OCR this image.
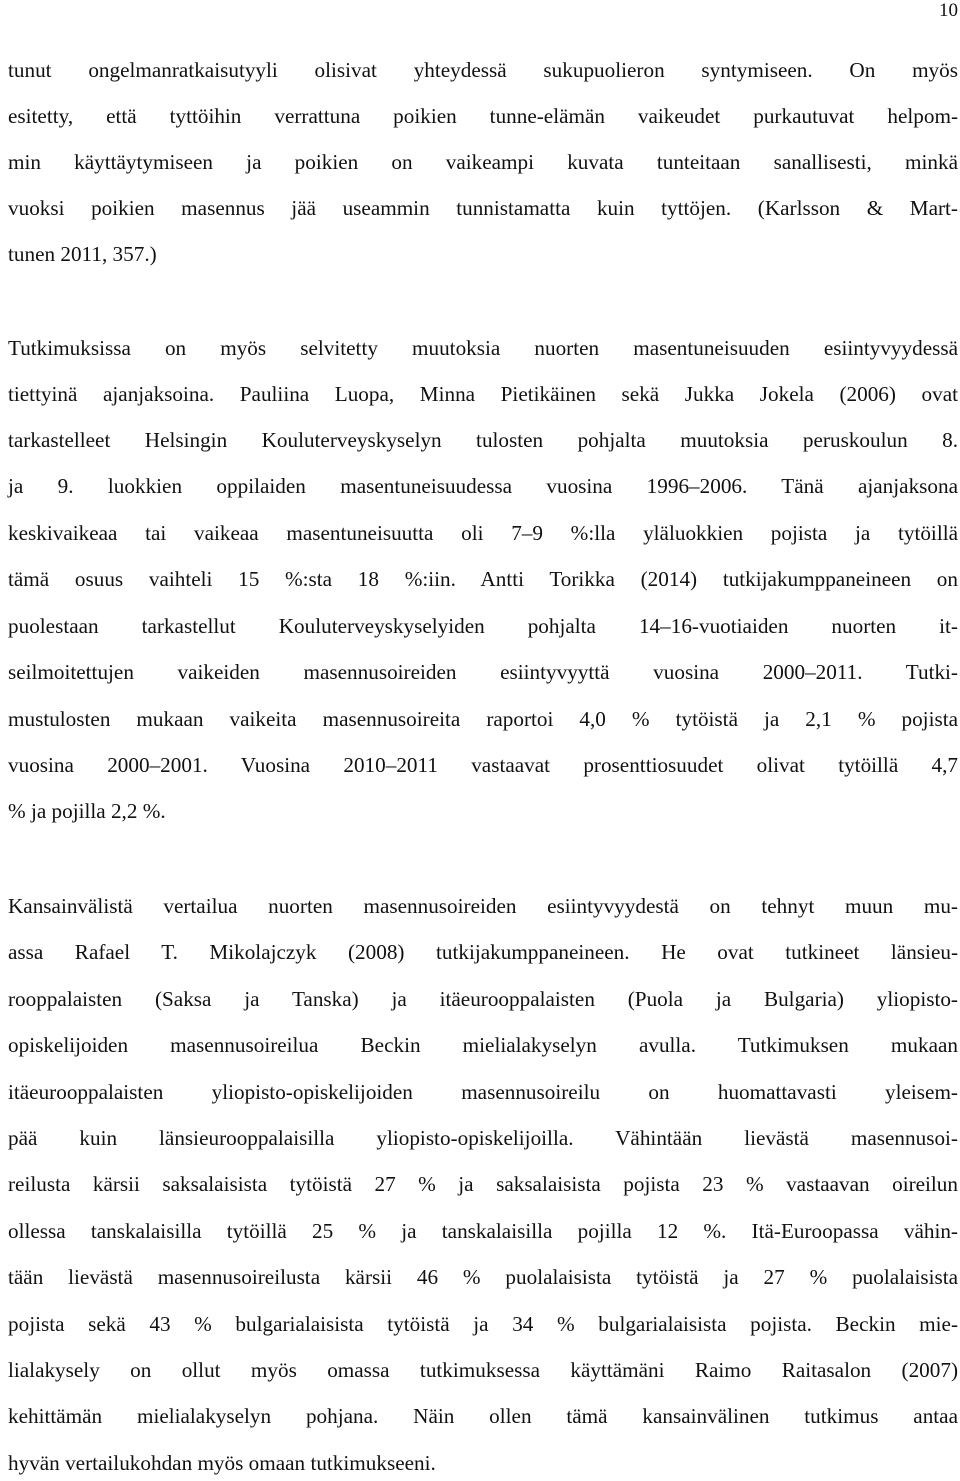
10
tunut ongelmanratkaisutyyli olisivat yhteydessä sukupuolieron syntymiseen. On myös
esitetty, että tyttöihin verrattuna poikien tunne-elämän vaikeudet purkautuvat helpom-
min käyttäytymiseen ja poikien on vaikeampi kuvata tunteitaan sanallisesti, minkä
vuoksi poikien masennus jää useammin tunnistamatta kuin tyttöjen. (Karlsson & Mart-
tunen 2011, 357.)
Tutkimuksissa on myös selvitetty muutoksia nuorten masentuneisuuden esiintyvyydessä
tiettyinä ajanjaksoina. Pauliina Luopa, Minna Pietikäinen sekä Jukka Jokela (2006) ovat
tarkastelleet Helsingin Kouluterveyskyselyn tulosten pohjalta muutoksia peruskoulun 8.
ja 9. luokkien oppilaiden masentuneisuudessa vuosina 1996–2006. Tänä ajanjaksona
keskivaikeaa tai vaikeaa masentuneisuutta oli 7–9 %:lla yläluokkien pojista ja tytöillä
tämä osuus vaihteli 15 %:sta 18 %:iin. Antti Torikka (2014) tutkijakumppaneineen on
puolestaan tarkastellut Kouluterveyskyselyiden pohjalta 14–16-vuotiaiden nuorten it-
seilmoitettujen vaikeiden masennusoireiden esiintyvyyttä vuosina 2000–2011. Tutki-
mustulosten mukaan vaikeita masennusoireita raportoi 4,0 % tytöistä ja 2,1 % pojista
vuosina 2000–2001. Vuosina 2010–2011 vastaavat prosenttiosuudet olivat tytöillä 4,7
% ja pojilla 2,2 %.
Kansainvälistä vertailua nuorten masennusoireiden esiintyvyydestä on tehnyt muun mu-
assa Rafael T. Mikolajczyk (2008) tutkijakumppaneineen. He ovat tutkineet länsieu-
rooppalaisten (Saksa ja Tanska) ja itäeurooppalaisten (Puola ja Bulgaria) yliopisto-
opiskelijoiden masennusoireilua Beckin mielialakyselyn avulla. Tutkimuksen mukaan
itäeurooppalaisten yliopisto-opiskelijoiden masennusoireilu on huomattavasti yleisem-
pää kuin länsieurooppalaisilla yliopisto-opiskelijoilla. Vähintään lievästä masennusoi-
reilusta kärsii saksalaisista tytöistä 27 % ja saksalaisista pojista 23 % vastaavan oireilun
ollessa tanskalaisilla tytöillä 25 % ja tanskalaisilla pojilla 12 %. Itä-Euroopassa vähin-
tään lievästä masennusoireilusta kärsii 46 % puolalaisista tytöistä ja 27 % puolalaisista
pojista sekä 43 % bulgarialaisista tytöistä ja 34 % bulgarialaisista pojista. Beckin mie-
lialakysely on ollut myös omassa tutkimuksessa käyttämäni Raimo Raitasalon (2007)
kehittämän mielialakyselyn pohjana. Näin ollen tämä kansainvälinen tutkimus antaa
hyvän vertailukohdan myös omaan tutkimukseeni.
